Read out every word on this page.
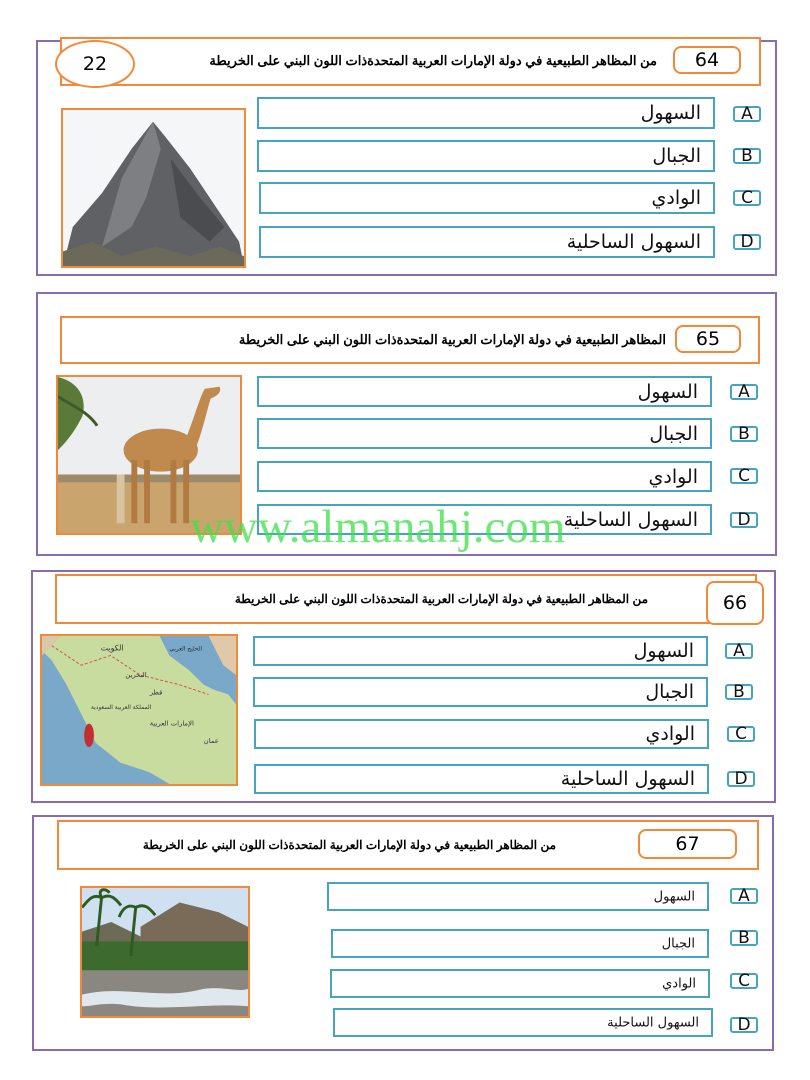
22	من المظاهر الطبيعية في دولة الإمارات العربية المتحدةذات اللون البني على الخريطة	64
السهول	A
الجبال	B
الوادي	C
السهول الساحلية	D
المظاهر الطبيعية في دولة الإمارات العربية المتحدةذات اللون البني على الخريطة	65
السهول	A
الجبال	B
الوادي	C
السهول الساحلية	D
من المظاهر الطبيعية في دولة الإمارات العربية المتحدةذات اللون البني على الخريطة	66
الكويت
البحرين
قطر
المملكة العربية السعودية
الإمارات العربية
عمان
الخليج العربي	السهول	A
الجبال	B
الوادي	C
السهول الساحلية	D
من المظاهر الطبيعية في دولة الإمارات العربية المتحدةذات اللون البني على الخريطة	67
السهول	A
الجبال	B
الوادي	C
السهول الساحلية	D
www.almanahj.com
